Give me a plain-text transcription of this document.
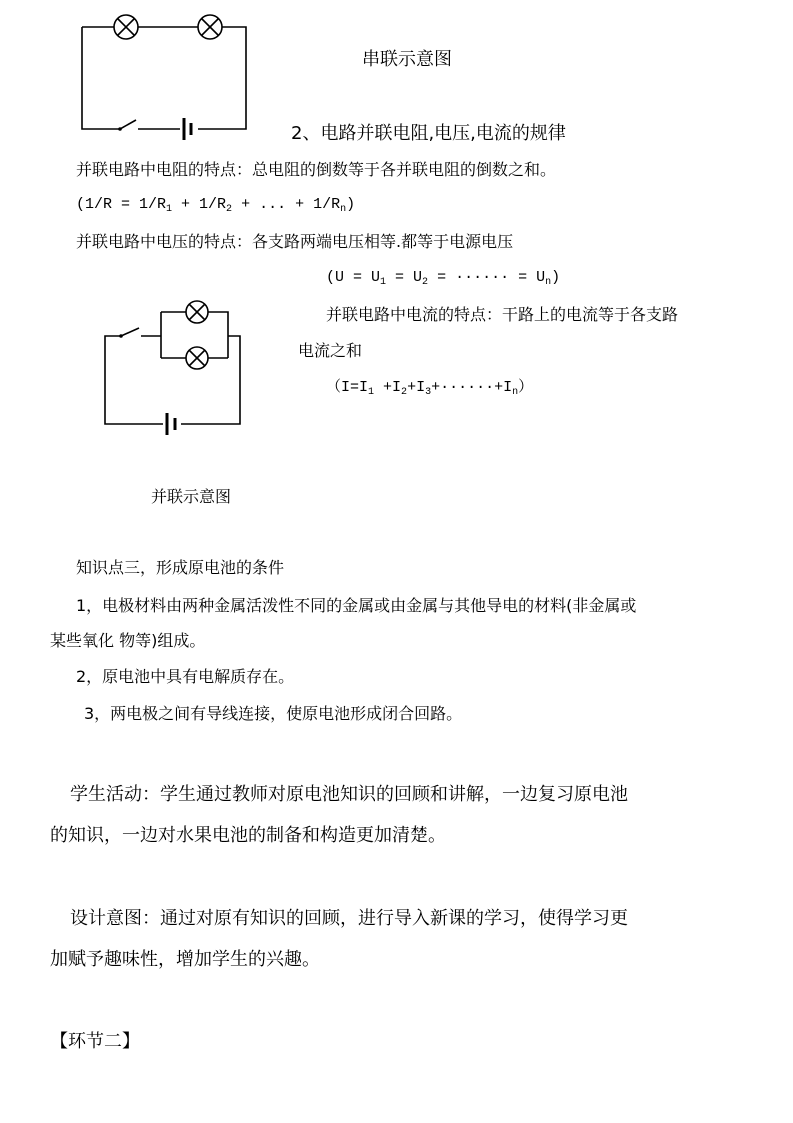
串联示意图
2、电路并联电阻,电压,电流的规律
并联电路中电阻的特点：总电阻的倒数等于各并联电阻的倒数之和。
($1/R = 1/R_1 + 1/R_2$ + ... + $1/R_n$)
并联电路中电压的特点：各支路两端电压相等.都等于电源电压
($U = U_1 = U_2$ = ······ = $U_n$)
并联电路中电流的特点：干路上的电流等于各支路
电流之和
$(I=I_1 +I_2+I_3+\cdot\cdot\cdot\cdot\cdot\cdot+I_n)$
并联示意图
知识点三，形成原电池的条件
1，电极材料由两种金属活泼性不同的金属或由金属与其他导电的材料(非金属或
某些氧化 物等)组成。
2，原电池中具有电解质存在。
3，两电极之间有导线连接，使原电池形成闭合回路。
学生活动：学生通过教师对原电池知识的回顾和讲解，一边复习原电池
的知识，一边对水果电池的制备和构造更加清楚。
设计意图：通过对原有知识的回顾，进行导入新课的学习，使得学习更
加赋予趣味性，增加学生的兴趣。
【环节二】
